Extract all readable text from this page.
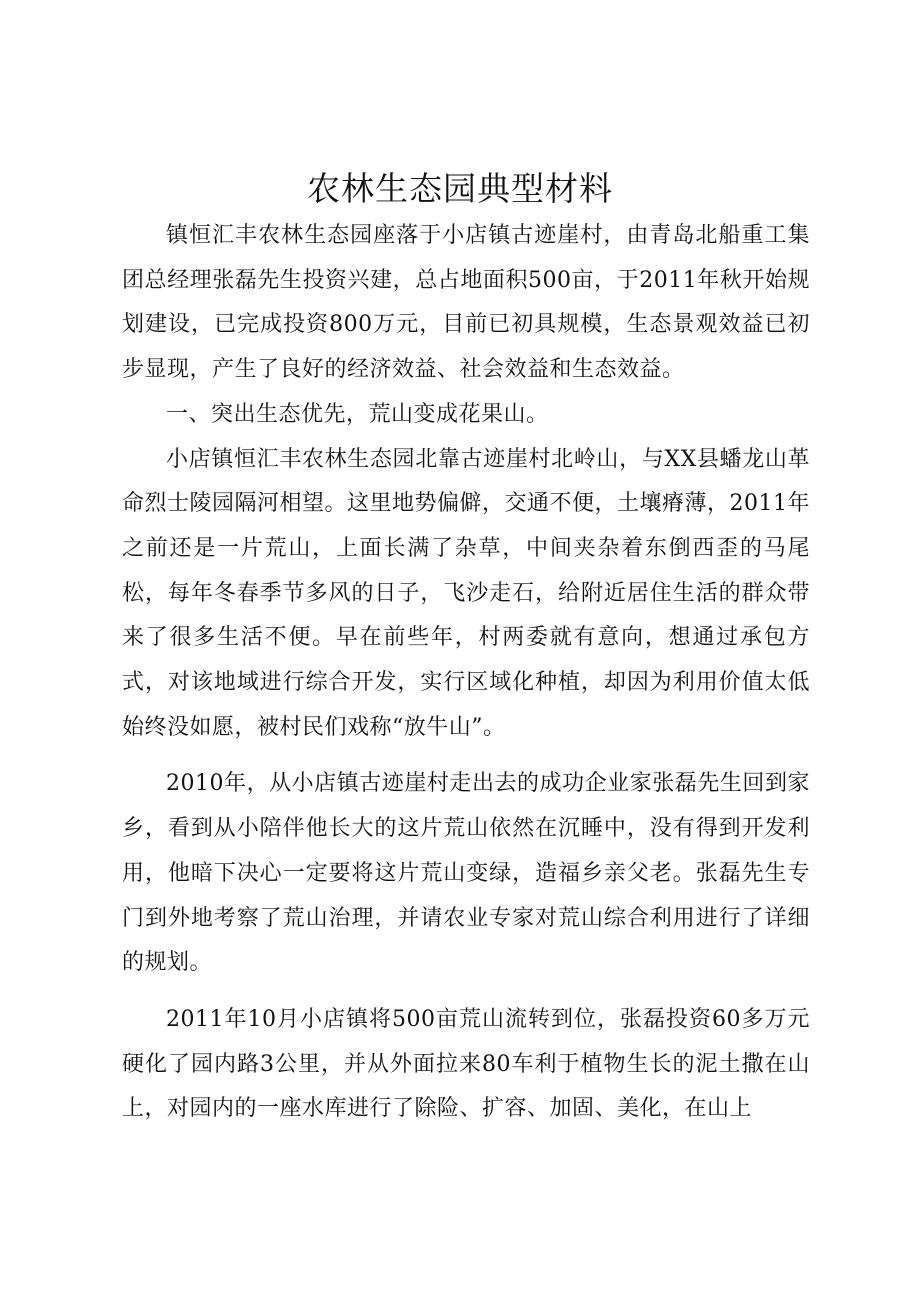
农林生态园典型材料

镇恒汇丰农林生态园座落于小店镇古迹崖村，由青岛北船重工集团总经理张磊先生投资兴建，总占地面积500亩，于2011年秋开始规划建设，已完成投资800万元，目前已初具规模，生态景观效益已初步显现，产生了良好的经济效益、社会效益和生态效益。

一、突出生态优先，荒山变成花果山。

小店镇恒汇丰农林生态园北靠古迹崖村北岭山，与XX县蟠龙山革命烈士陵园隔河相望。这里地势偏僻，交通不便，土壤瘠薄，2011年之前还是一片荒山，上面长满了杂草，中间夹杂着东倒西歪的马尾松，每年冬春季节多风的日子，飞沙走石，给附近居住生活的群众带来了很多生活不便。早在前些年，村两委就有意向，想通过承包方式，对该地域进行综合开发，实行区域化种植，却因为利用价值太低始终没如愿，被村民们戏称“放牛山”。

2010年，从小店镇古迹崖村走出去的成功企业家张磊先生回到家乡，看到从小陪伴他长大的这片荒山依然在沉睡中，没有得到开发利用，他暗下决心一定要将这片荒山变绿，造福乡亲父老。张磊先生专门到外地考察了荒山治理，并请农业专家对荒山综合利用进行了详细的规划。

2011年10月小店镇将500亩荒山流转到位，张磊投资60多万元硬化了园内路3公里，并从外面拉来80车利于植物生长的泥土撒在山上，对园内的一座水库进行了除险、扩容、加固、美化，在山上
